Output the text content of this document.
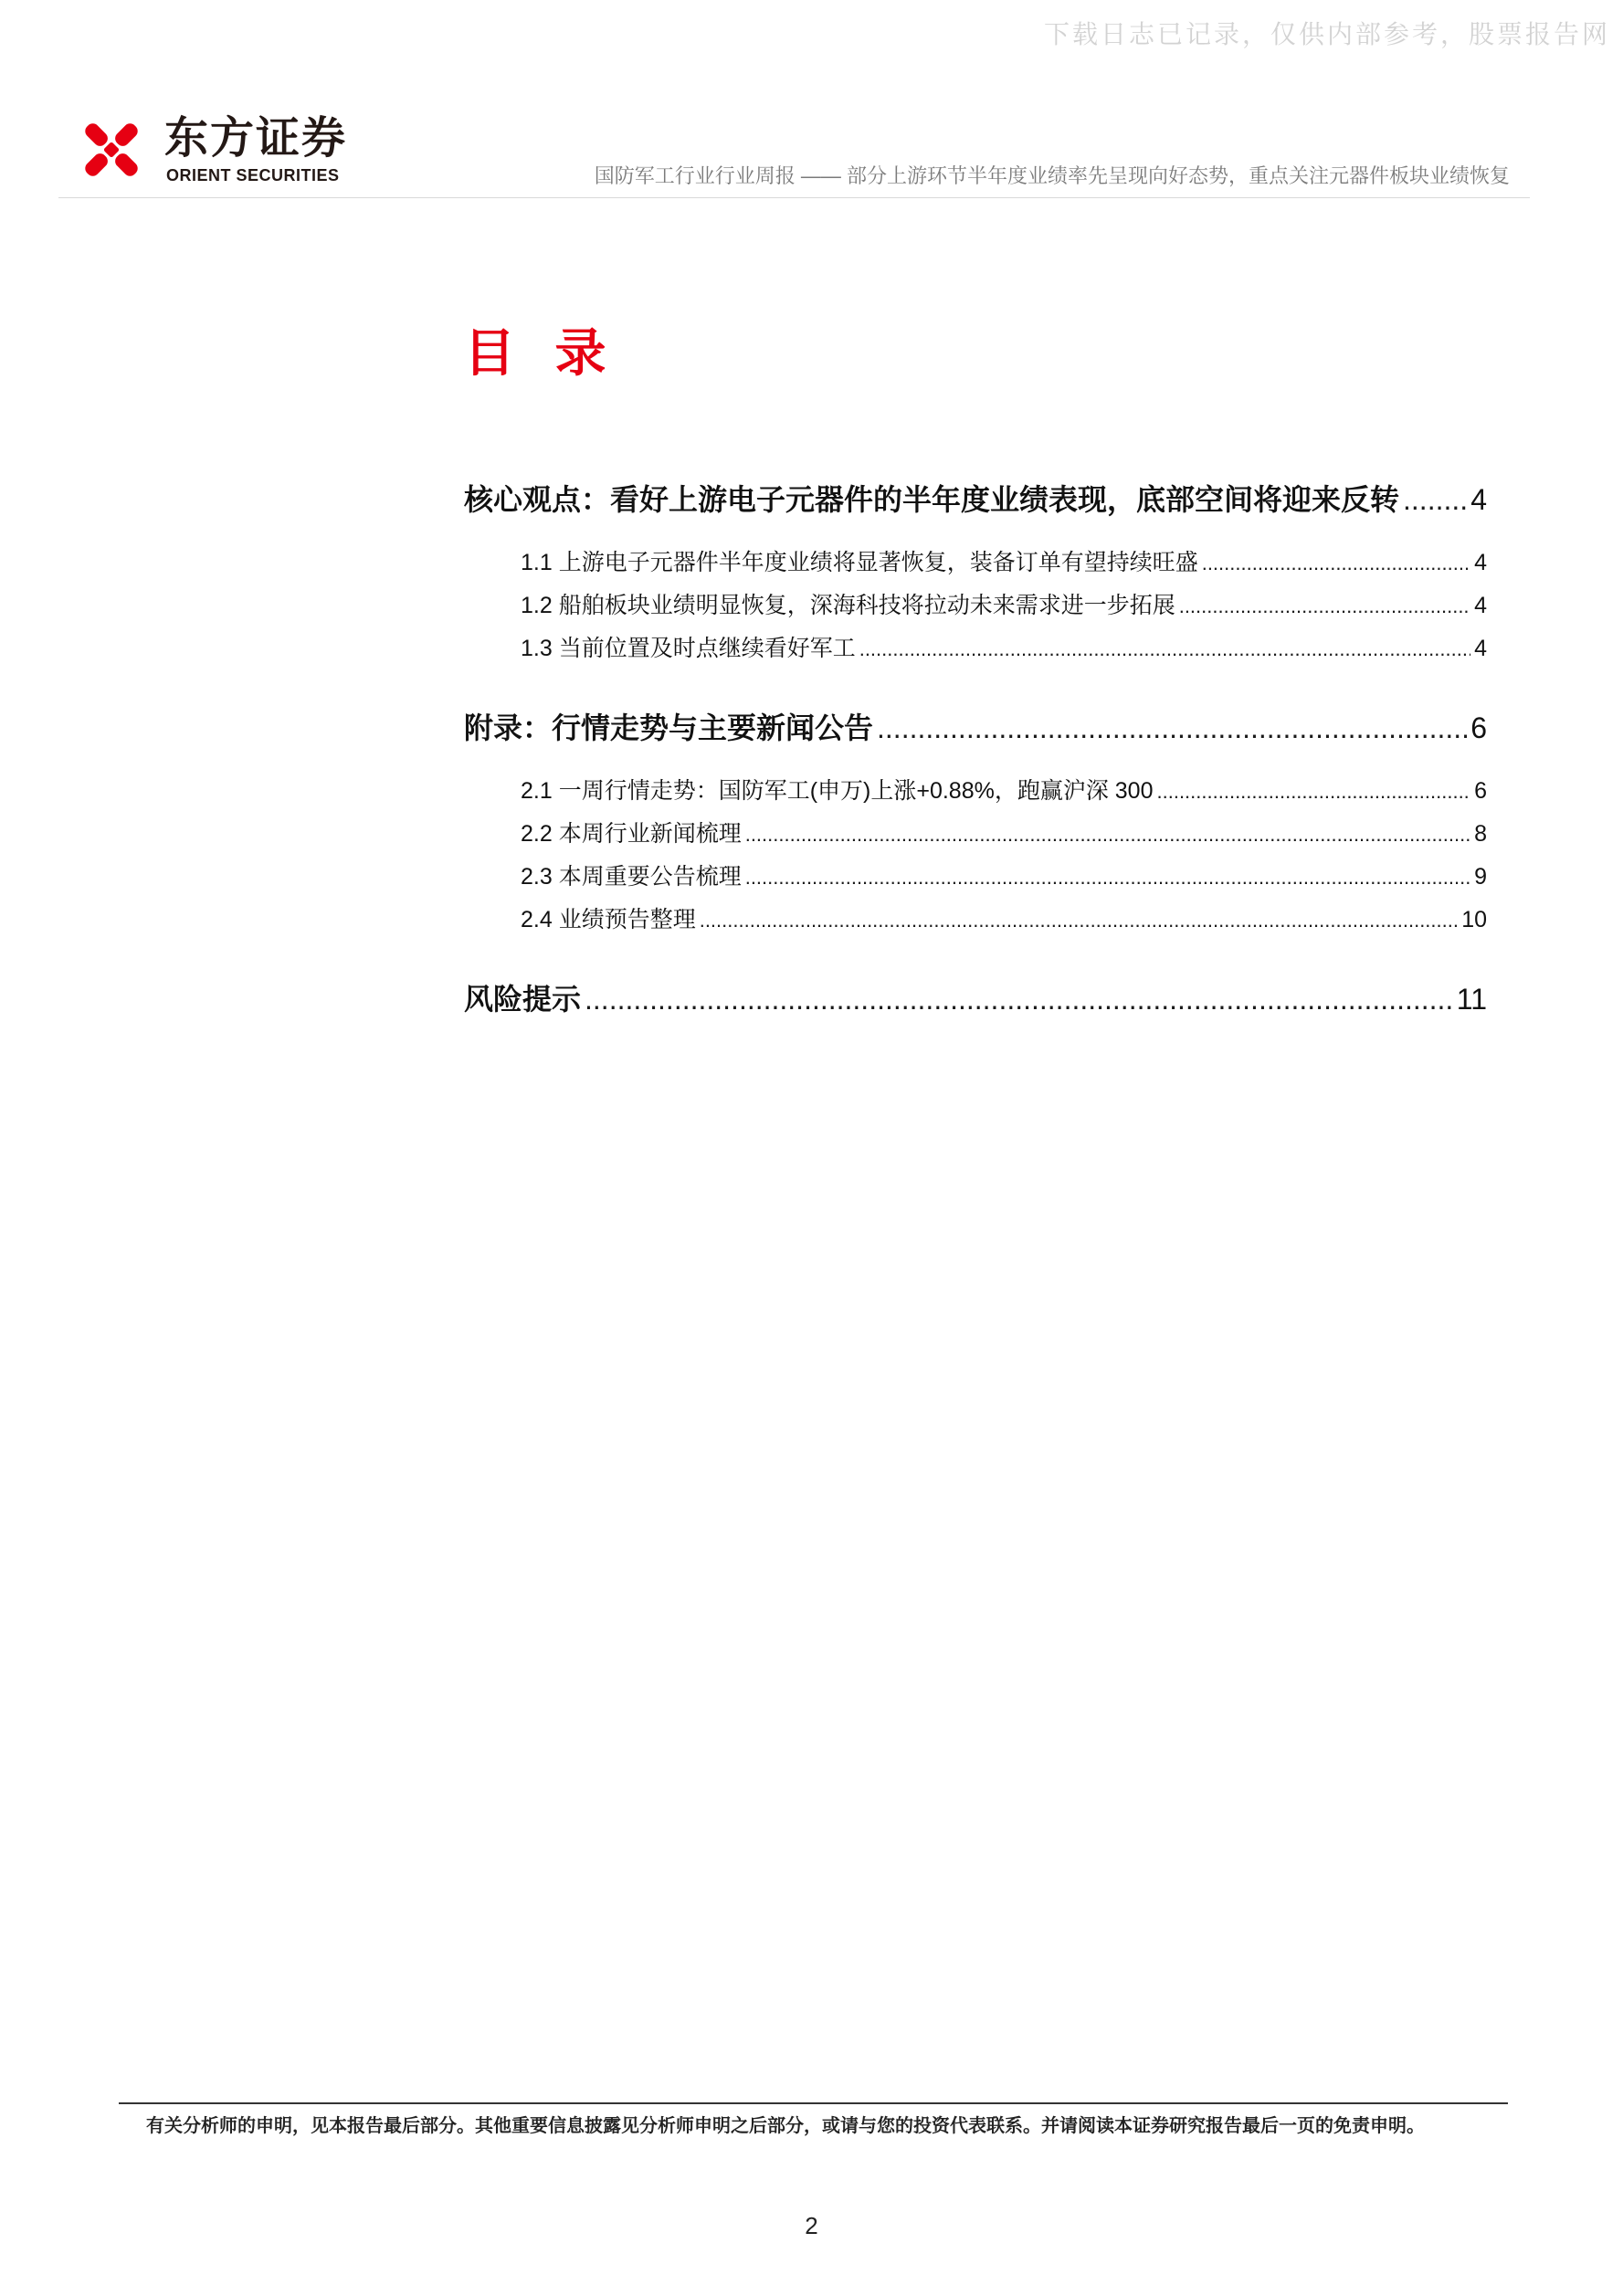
下载日志已记录，仅供内部参考，股票报告网
东方证券
ORIENT SECURITIES	国防军工行业行业周报 —— 部分上游环节半年度业绩率先呈现向好态势，重点关注元器件板块业绩恢复
目 录
核心观点：看好上游电子元器件的半年度业绩表现，底部空间将迎来反转 ..... 4
1.1 上游电子元器件半年度业绩将显著恢复，装备订单有望持续旺盛 .....	4
1.2 船舶板块业绩明显恢复，深海科技将拉动未来需求进一步拓展 .....	4
1.3 当前位置及时点继续看好军工 .....	4
附录：行情走势与主要新闻公告 .....	6
2.1 一周行情走势：国防军工(申万)上涨+0.88%，跑赢沪深 300 .....	6
2.2 本周行业新闻梳理 .....	8
2.3 本周重要公告梳理 .....	9
2.4 业绩预告整理 .....	10
风险提示 .....	11
有关分析师的申明，见本报告最后部分。其他重要信息披露见分析师申明之后部分，或请与您的投资代表联系。并请阅读本证券研究报告最后一页的免责申明。
2
